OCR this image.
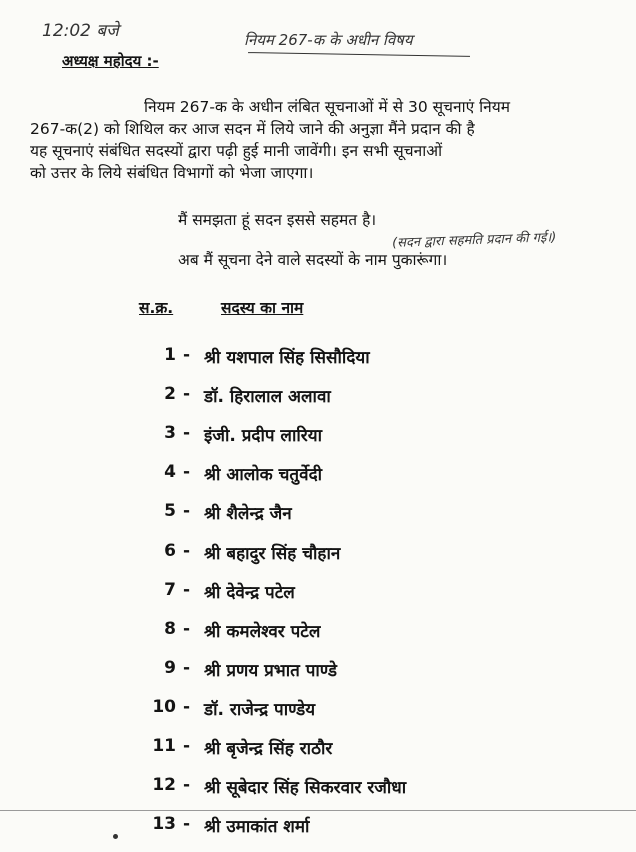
12:02 बजे	नियम 267-क के अधीन विषय
अध्यक्ष महोदय :-
नियम 267-क के अधीन लंबित सूचनाओं में से 30 सूचनाएं नियम
267-क(2) को शिथिल कर आज सदन में लिये जाने की अनुज्ञा मैंने प्रदान की है
यह सूचनाएं संबंधित सदस्यों द्वारा पढ़ी हुई मानी जावेंगी। इन सभी सूचनाओं
को उत्तर के लिये संबंधित विभागों को भेजा जाएगा।
मैं समझता हूं सदन इससे सहमत है।
(सदन द्वारा सहमति प्रदान की गई।)
अब मैं सूचना देने वाले सदस्यों के नाम पुकारूंगा।
स.क्र.	सदस्य का नाम
1 - श्री यशपाल सिंह सिसौदिया
2 - डॉ. हिरालाल अलावा
3 - इंजी. प्रदीप लारिया
4 - श्री आलोक चतुर्वेदी
5 - श्री शैलेन्द्र जैन
6 - श्री बहादुर सिंह चौहान
7 - श्री देवेन्द्र पटेल
8 - श्री कमलेश्वर पटेल
9 - श्री प्रणय प्रभात पाण्डे
10 - डॉ. राजेन्द्र पाण्डेय
11 - श्री बृजेन्द्र सिंह राठौर
12 - श्री सूबेदार सिंह सिकरवार रजौधा
13 - श्री उमाकांत शर्मा
